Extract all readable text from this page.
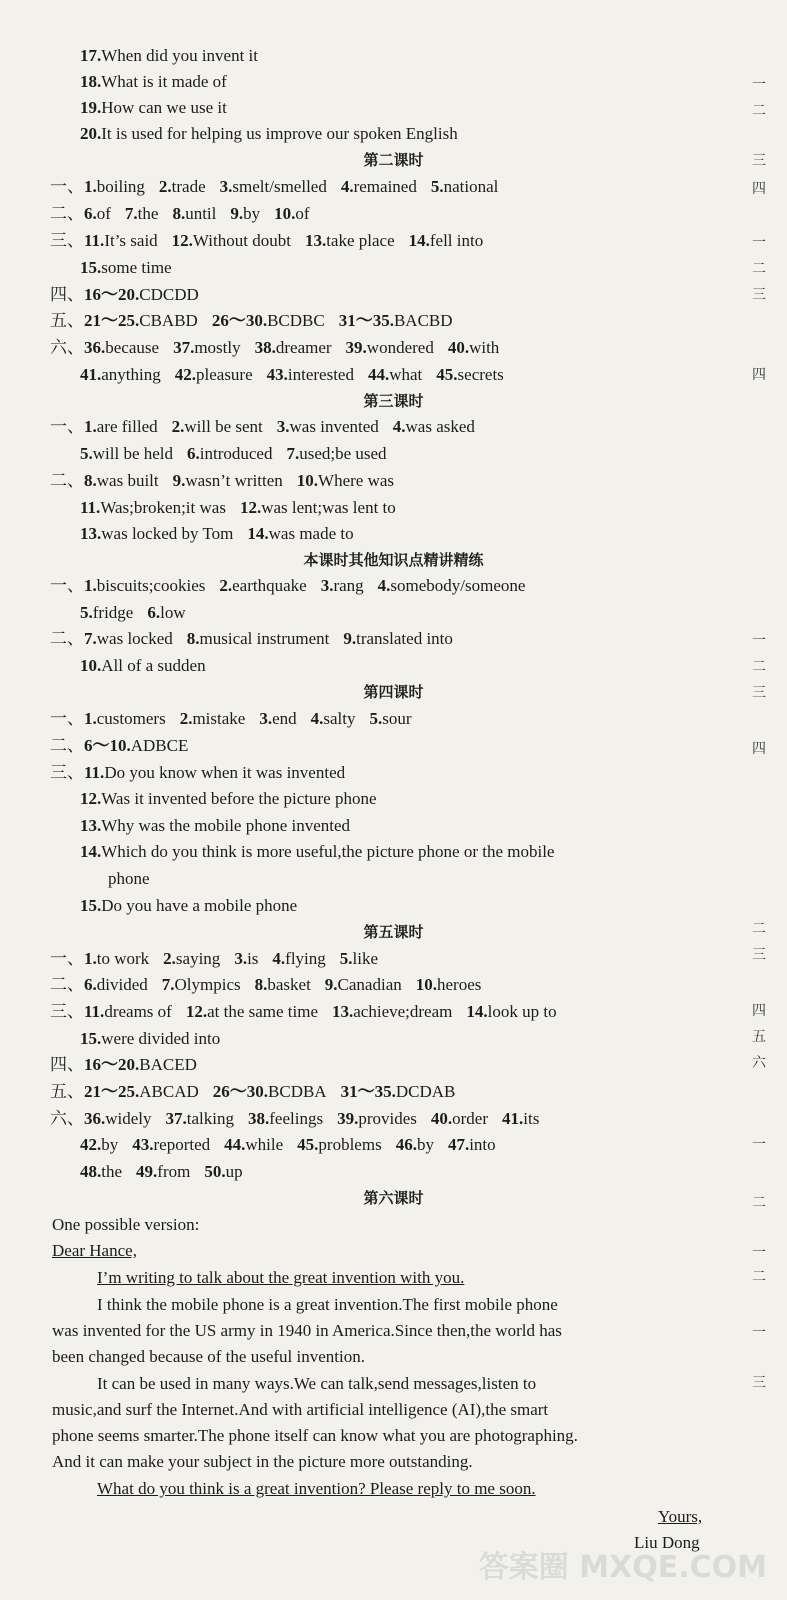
17.When did you invent it
18.What is it made of
19.How can we use it
20.It is used for helping us improve our spoken English
一、1.boiling 2.trade 3.smelt/smelled 4.remained 5.national
二、6.of 7.the 8.until 9.by 10.of
三、11.It’s said 12.Without doubt 13.take place 14.fell into
15.some time
四、16～20.CDCDD
五、21～25.CBABD 26～30.BCDBC 31～35.BACBD
六、36.because 37.mostly 38.dreamer 39.wondered 40.with
41.anything 42.pleasure 43.interested 44.what 45.secrets
一、1.are filled 2.will be sent 3.was invented 4.was asked
5.will be held 6.introduced 7.used;be used
二、8.was built 9.wasn’t written 10.Where was
11.Was;broken;it was 12.was lent;was lent to
13.was locked by Tom 14.was made to
一、1.biscuits;cookies 2.earthquake 3.rang 4.somebody/someone
5.fridge 6.low
二、7.was locked 8.musical instrument 9.translated into
10.All of a sudden
一、1.customers 2.mistake 3.end 4.salty 5.sour
二、6～10.ADBCE
三、11.Do you know when it was invented
12.Was it invented before the picture phone
13.Why was the mobile phone invented
14.Which do you think is more useful,the picture phone or the mobile
phone
15.Do you have a mobile phone
一、1.to work 2.saying 3.is 4.flying 5.like
二、6.divided 7.Olympics 8.basket 9.Canadian 10.heroes
三、11.dreams of 12.at the same time 13.achieve;dream 14.look up to
15.were divided into
四、16～20.BACED
五、21～25.ABCAD 26～30.BCDBA 31～35.DCDAB
六、36.widely 37.talking 38.feelings 39.provides 40.order 41.its
42.by 43.reported 44.while 45.problems 46.by 47.into
48.the 49.from 50.up
第二课时
第三课时
本课时其他知识点精讲精练
第四课时
第五课时
第六课时
One possible version:
Dear Hance,
I’m writing to talk about the great invention with you.
I think the mobile phone is a great invention.The first mobile phone
was invented for the US army in 1940 in America.Since then,the world has
been changed because of the useful invention.
It can be used in many ways.We can talk,send messages,listen to
music,and surf the Internet.And with artificial intelligence (AI),the smart
phone seems smarter.The phone itself can know what you are photographing.
And it can make your subject in the picture more outstanding.
What do you think is a great invention? Please reply to me soon.
Yours,
Liu Dong
一
二
三
四
一
二
三
四
一
二
三
四
二
三
四
五
六
一
二
一
二
一
三
答案圈 MXQE.COM
